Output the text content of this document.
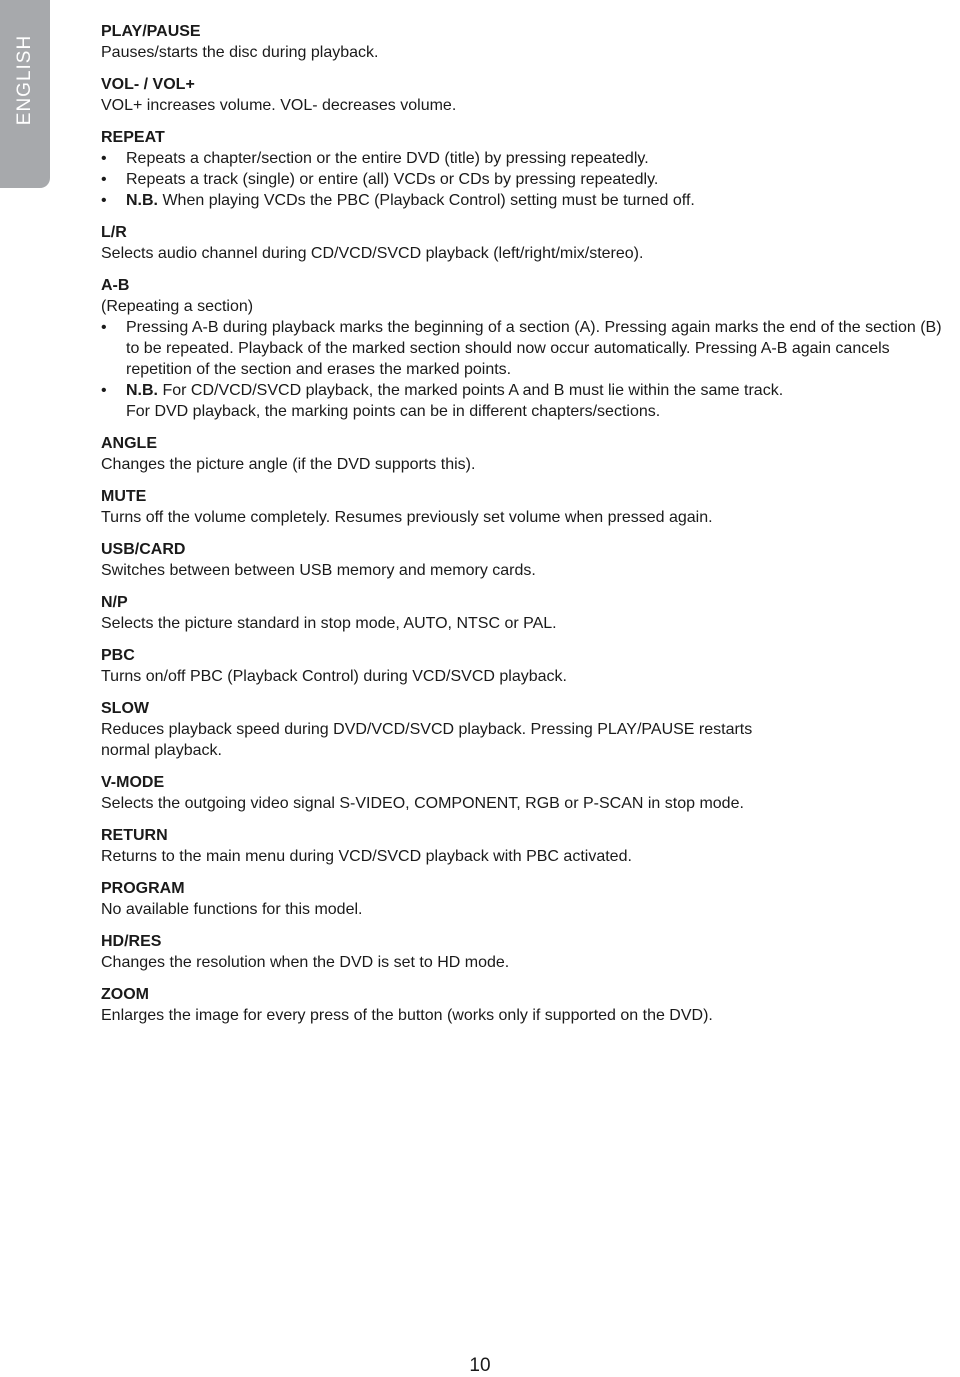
ENGLISH
PLAY/PAUSE
Pauses/starts the disc during playback.
VOL- / VOL+
VOL+ increases volume. VOL- decreases volume.
REPEAT
• Repeats a chapter/section or the entire DVD (title) by pressing repeatedly.
• Repeats a track (single) or entire (all) VCDs or CDs by pressing repeatedly.
• N.B. When playing VCDs the PBC (Playback Control) setting must be turned off.
L/R
Selects audio channel during CD/VCD/SVCD playback (left/right/mix/stereo).
A-B
(Repeating a section)
• Pressing A-B during playback marks the beginning of a section (A). Pressing again marks the end of the section (B) to be repeated. Playback of the marked section should now occur automatically. Pressing A-B again cancels repetition of the section and erases the marked points.
• N.B. For CD/VCD/SVCD playback, the marked points A and B must lie within the same track.
For DVD playback, the marking points can be in different chapters/sections.
ANGLE
Changes the picture angle (if the DVD supports this).
MUTE
Turns off the volume completely. Resumes previously set volume when pressed again.
USB/CARD
Switches between between USB memory and memory cards.
N/P
Selects the picture standard in stop mode, AUTO, NTSC or PAL.
PBC
Turns on/off PBC (Playback Control) during VCD/SVCD playback.
SLOW
Reduces playback speed during DVD/VCD/SVCD playback. Pressing PLAY/PAUSE restarts
normal playback.
V-MODE
Selects the outgoing video signal S-VIDEO, COMPONENT, RGB or P-SCAN in stop mode.
RETURN
Returns to the main menu during VCD/SVCD playback with PBC activated.
PROGRAM
No available functions for this model.
HD/RES
Changes the resolution when the DVD is set to HD mode.
ZOOM
Enlarges the image for every press of the button (works only if supported on the DVD).
10
